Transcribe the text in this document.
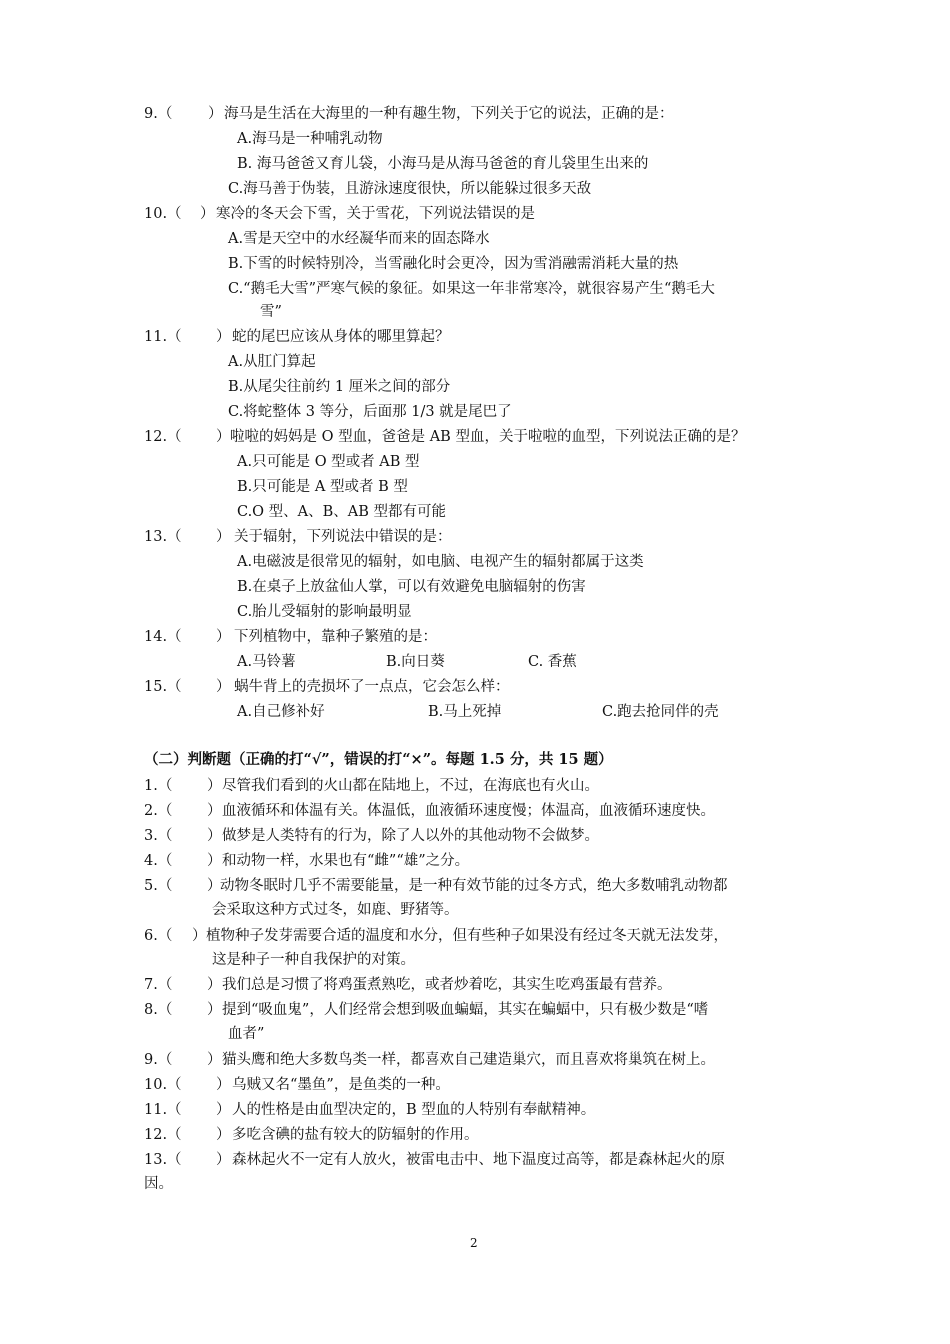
9.（ ） 海马是生活在大海里的一种有趣生物，下列关于它的说法，正确的是：
A.海马是一种哺乳动物
B. 海马爸爸又育儿袋，小海马是从海马爸爸的育儿袋里生出来的
C.海马善于伪装，且游泳速度很快，所以能躲过很多天敌
10.（ ） 寒冷的冬天会下雪，关于雪花，下列说法错误的是
A.雪是天空中的水经凝华而来的固态降水
B.下雪的时候特别冷，当雪融化时会更冷，因为雪消融需消耗大量的热
C.“鹅毛大雪”严寒气候的象征。如果这一年非常寒冷，就很容易产生“鹅毛大
雪”
11.（ ） 蛇的尾巴应该从身体的哪里算起？
A.从肛门算起
B.从尾尖往前约 1 厘米之间的部分
C.将蛇整体 3 等分，后面那 1/3 就是尾巴了
12.（ ） 啦啦的妈妈是 O 型血，爸爸是 AB 型血，关于啦啦的血型，下列说法正确的是？
A.只可能是 O 型或者 AB 型
B.只可能是 A 型或者 B 型
C.O 型、A、B、AB 型都有可能
13.（ ） 关于辐射，下列说法中错误的是：
A.电磁波是很常见的辐射，如电脑、电视产生的辐射都属于这类
B.在桌子上放盆仙人掌，可以有效避免电脑辐射的伤害
C.胎儿受辐射的影响最明显
14.（ ） 下列植物中，靠种子繁殖的是：
A.马铃薯	B.向日葵	C. 香蕉
15.（ ） 蜗牛背上的壳损坏了一点点，它会怎么样：
A.自己修补好	B.马上死掉	C.跑去抢同伴的壳
（二）判断题（正确的打“√”，错误的打“×”。每题 1.5 分，共 15 题）
1.（ ） 尽管我们看到的火山都在陆地上，不过，在海底也有火山。
2.（ ） 血液循环和体温有关。体温低，血液循环速度慢；体温高，血液循环速度快。
3.（ ） 做梦是人类特有的行为，除了人以外的其他动物不会做梦。
4.（ ） 和动物一样，水果也有“雌”“雄”之分。
5.（ ）
动物冬眠时几乎不需要能量，是一种有效节能的过冬方式，绝大多数哺乳动物都
会采取这种方式过冬，如鹿、野猪等。
6.（ ） 植物种子发芽需要合适的温度和水分，但有些种子如果没有经过冬天就无法发芽，
这是种子一种自我保护的对策。
7.（ ） 我们总是习惯了将鸡蛋煮熟吃，或者炒着吃，其实生吃鸡蛋最有营养。
8.（ ） 提到“吸血鬼”，人们经常会想到吸血蝙蝠，其实在蝙蝠中，只有极少数是“嗜
血者”
9.（ ） 猫头鹰和绝大多数鸟类一样，都喜欢自己建造巢穴，而且喜欢将巢筑在树上。
10.（ ） 乌贼又名“墨鱼”，是鱼类的一种。
11.（ ） 人的性格是由血型决定的，B 型血的人特别有奉献精神。
12.（ ） 多吃含碘的盐有较大的防辐射的作用。
13.（ ） 森林起火不一定有人放火，被雷电击中、地下温度过高等，都是森林起火的原
因。
2
